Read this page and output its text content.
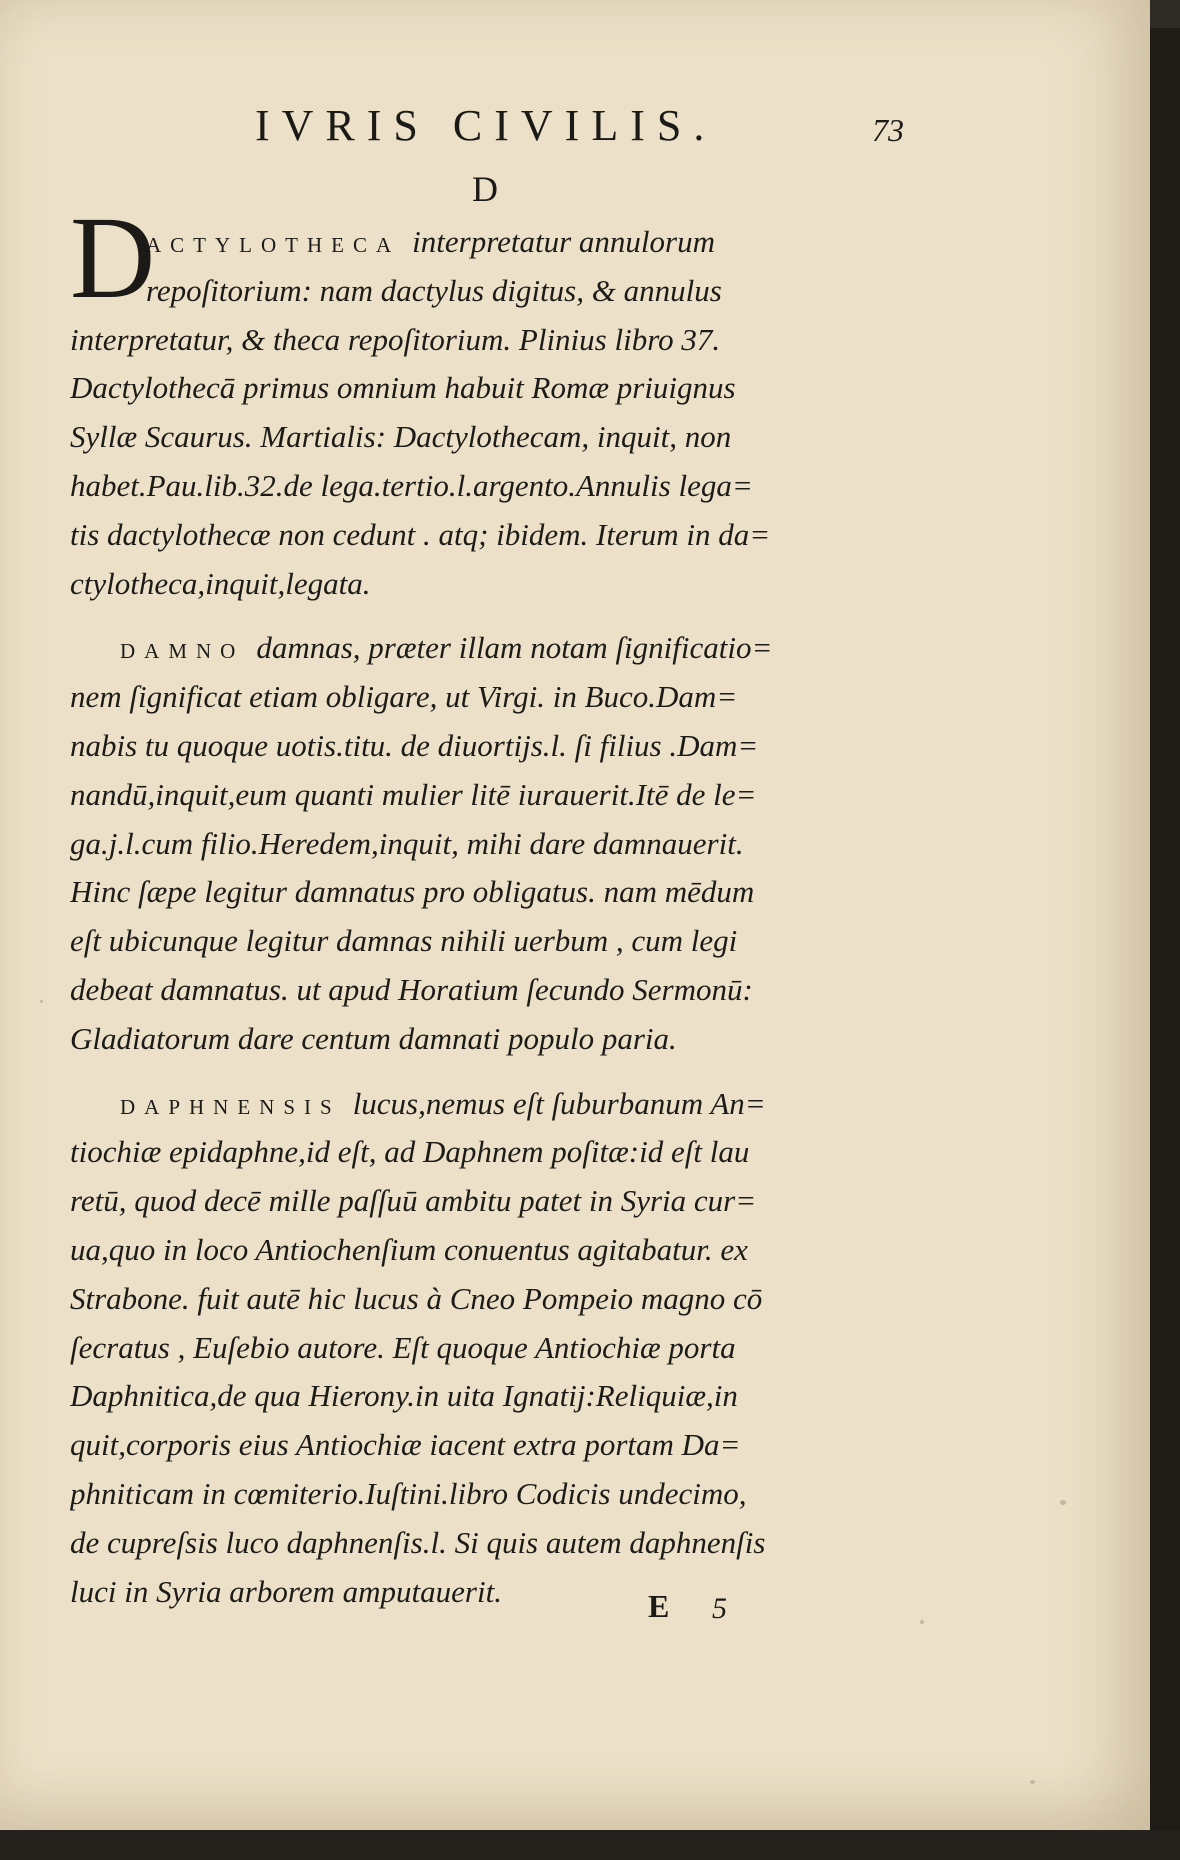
IVRIS CIVILIS.	73
D
D
ACTYLOTHECA interpretatur annulorum
repoſitorium: nam dactylus digitus, & annulus
interpretatur, & theca repoſitorium. Plinius libro 37.
Dactylothecā primus omnium habuit Romæ priuignus
Syllæ Scaurus. Martialis: Dactylothecam, inquit, non
habet.Pau.lib.32.de lega.tertio.l.argento.Annulis lega=
tis dactylothecæ non cedunt . atq; ibidem. Iterum in da=
ctylotheca,inquit,legata.
DAMNO damnas, præter illam notam ſignificatio=
nem ſignificat etiam obligare, ut Virgi. in Buco.Dam=
nabis tu quoque uotis.titu. de diuortijs.l. ſi filius .Dam=
nandū,inquit,eum quanti mulier litē iurauerit.Itē de le=
ga.j.l.cum filio.Heredem,inquit, mihi dare damnauerit.
Hinc ſæpe legitur damnatus pro obligatus. nam mēdum
eſt ubicunque legitur damnas nihili uerbum , cum legi
debeat damnatus. ut apud Horatium ſecundo Sermonū:
Gladiatorum dare centum damnati populo paria.
DAPHNENSIS lucus,nemus eſt ſuburbanum An=
tiochiæ epidaphne,id eſt, ad Daphnem poſitæ:id eſt lau
retū, quod decē mille paſſuū ambitu patet in Syria cur=
ua,quo in loco Antiochenſium conuentus agitabatur. ex
Strabone. fuit autē hic lucus à Cneo Pompeio magno cō
ſecratus , Euſebio autore. Eſt quoque Antiochiæ porta
Daphnitica,de qua Hierony.in uita Ignatij:Reliquiæ,in
quit,corporis eius Antiochiæ iacent extra portam Da=
phniticam in cœmiterio.Iuſtini.libro Codicis undecimo,
de cupreſsis luco daphnenſis.l. Si quis autem daphnenſis
luci in Syria arborem amputauerit.	E 5
